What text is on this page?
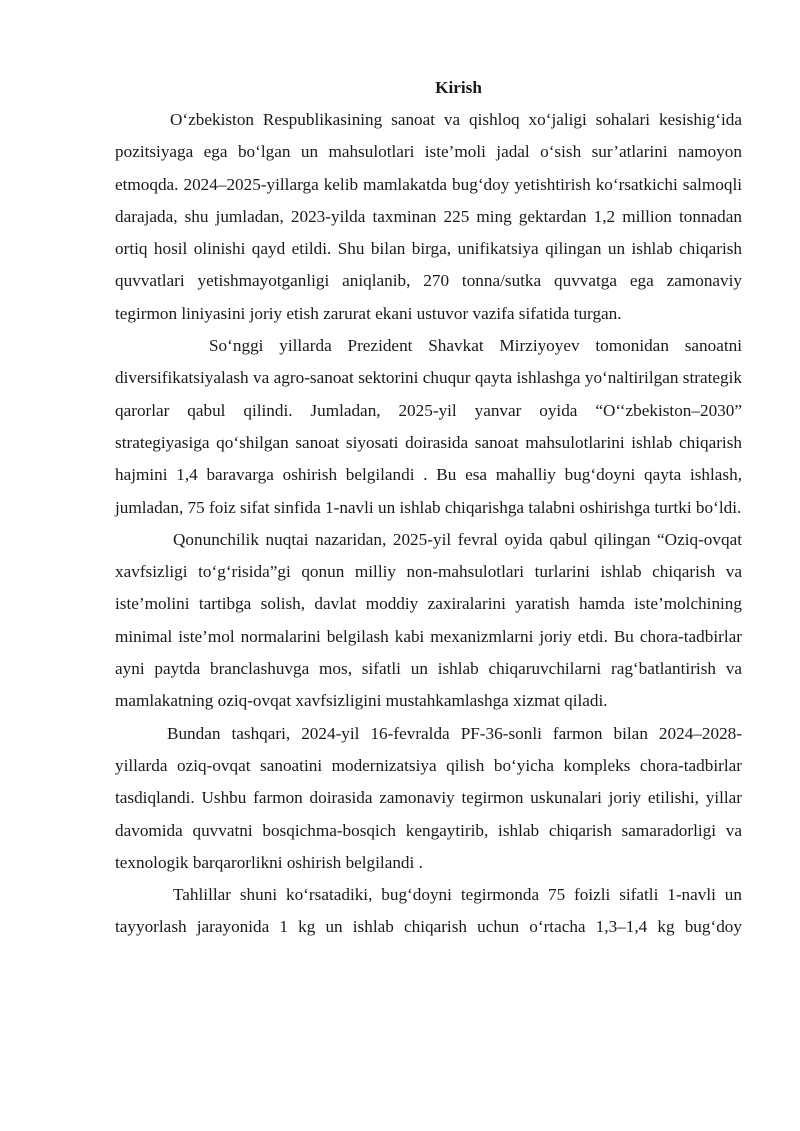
Kirish

O‘zbekiston Respublikasining sanoat va qishloq xo‘jaligi sohalari kesishig‘ida pozitsiyaga ega bo‘lgan un mahsulotlari iste’moli jadal o‘sish sur’atlarini namoyon etmoqda. 2024–2025-yillarga kelib mamlakatda bug‘doy yetishtirish ko‘rsatkichi salmoqli darajada, shu jumladan, 2023-yilda taxminan 225 ming gektardan 1,2 million tonnadan ortiq hosil olinishi qayd etildi. Shu bilan birga, unifikatsiya qilingan un ishlab chiqarish quvvatlari yetishmayotganligi aniqlanib, 270 tonna/sutka quvvatga ega zamonaviy tegirmon liniyasini joriy etish zarurat ekani ustuvor vazifa sifatida turgan.

So‘nggi yillarda Prezident Shavkat Mirziyoyev tomonidan sanoatni diversifikatsiyalash va agro-sanoat sektorini chuqur qayta ishlashga yo‘naltirilgan strategik qarorlar qabul qilindi. Jumladan, 2025-yil yanvar oyida “O‘‘zbekiston–2030” strategiyasiga qo‘shilgan sanoat siyosati doirasida sanoat mahsulotlarini ishlab chiqarish hajmini 1,4 baravarga oshirish belgilandi . Bu esa mahalliy bug‘doyni qayta ishlash, jumladan, 75 foiz sifat sinfida 1-navli un ishlab chiqarishga talabni oshirishga turtki bo‘ldi.

Qonunchilik nuqtai nazaridan, 2025-yil fevral oyida qabul qilingan “Oziq-ovqat xavfsizligi to‘g‘risida”gi qonun milliy non-mahsulotlari turlarini ishlab chiqarish va iste’molini tartibga solish, davlat moddiy zaxiralarini yaratish hamda iste’molchining minimal iste’mol normalarini belgilash kabi mexanizmlarni joriy etdi. Bu chora-tadbirlar ayni paytda branclashuvga mos, sifatli un ishlab chiqaruvchilarni rag‘batlantirish va mamlakatning oziq-ovqat xavfsizligini mustahkamlashga xizmat qiladi.

Bundan tashqari, 2024-yil 16-fevralda PF-36-sonli farmon bilan 2024–2028-yillarda oziq-ovqat sanoatini modernizatsiya qilish bo‘yicha kompleks chora-tadbirlar tasdiqlandi. Ushbu farmon doirasida zamonaviy tegirmon uskunalari joriy etilishi, yillar davomida quvvatni bosqichma-bosqich kengaytirib, ishlab chiqarish samaradorligi va texnologik barqarorlikni oshirish belgilandi .

Tahlillar shuni ko‘rsatadiki, bug‘doyni tegirmonda 75 foizli sifatli 1-navli un tayyorlash jarayonida 1 kg un ishlab chiqarish uchun o‘rtacha 1,3–1,4 kg bug‘doy
